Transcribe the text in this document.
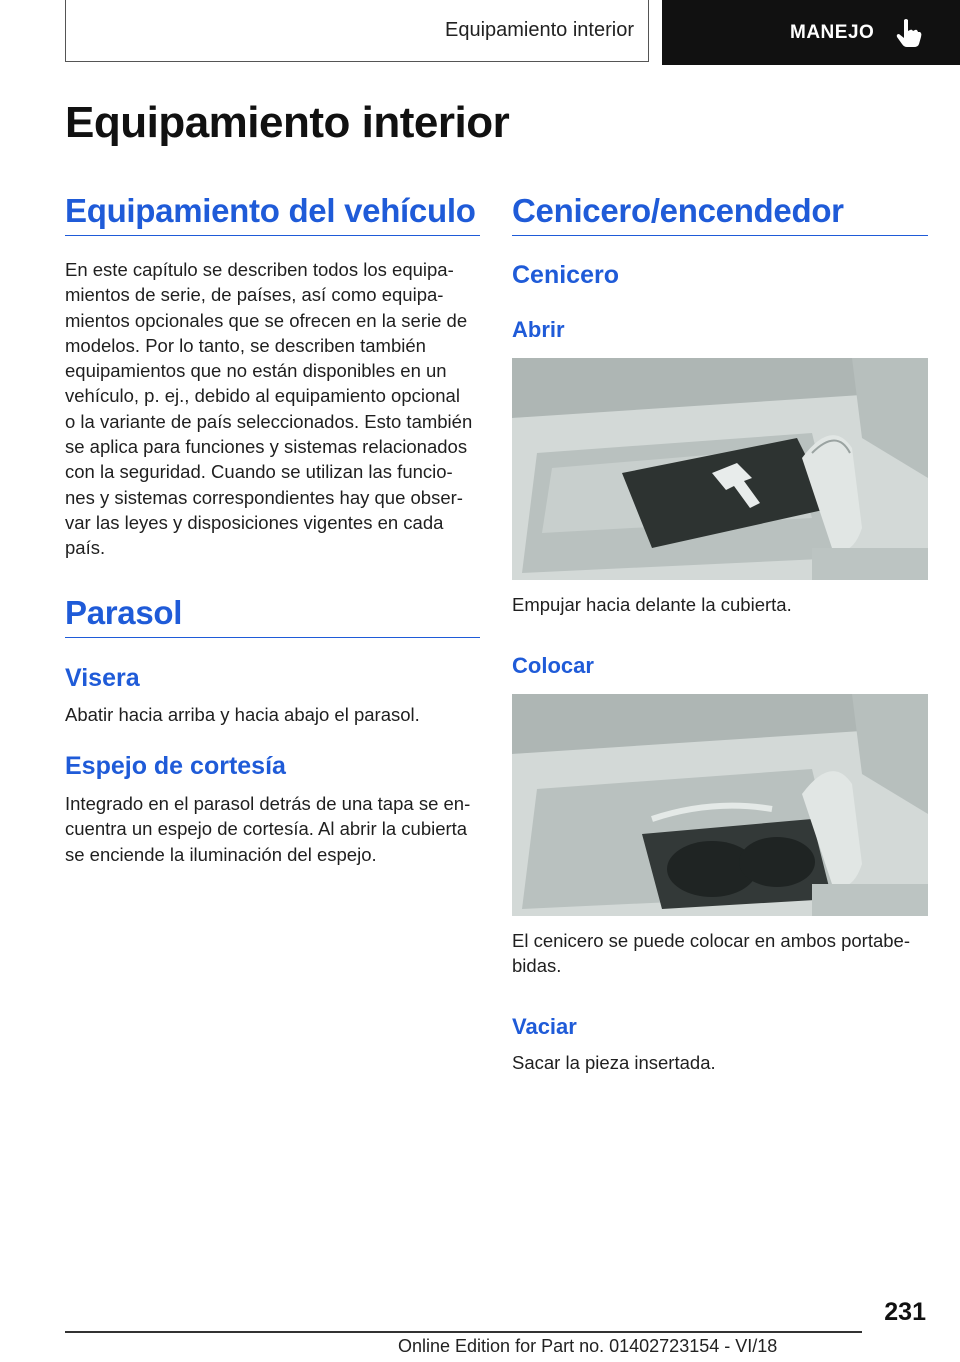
Equipamiento interior	MANEJO
Equipamiento interior
Equipamiento del vehículo
En este capítulo se describen todos los equipa-
mientos de serie, de países, así como equipa-
mientos opcionales que se ofrecen en la serie de
modelos. Por lo tanto, se describen también
equipamientos que no están disponibles en un
vehículo, p. ej., debido al equipamiento opcional
o la variante de país seleccionados. Esto también
se aplica para funciones y sistemas relacionados
con la seguridad. Cuando se utilizan las funcio-
nes y sistemas correspondientes hay que obser-
var las leyes y disposiciones vigentes en cada
país.
Parasol
Visera
Abatir hacia arriba y hacia abajo el parasol.
Espejo de cortesía
Integrado en el parasol detrás de una tapa se en-
cuentra un espejo de cortesía. Al abrir la cubierta
se enciende la iluminación del espejo.
Cenicero/encendedor
Cenicero
Abrir
Empujar hacia delante la cubierta.
Colocar
El cenicero se puede colocar en ambos portabe-
bidas.
Vaciar
Sacar la pieza insertada.
231
Online Edition for Part no. 01402723154 - VI/18
